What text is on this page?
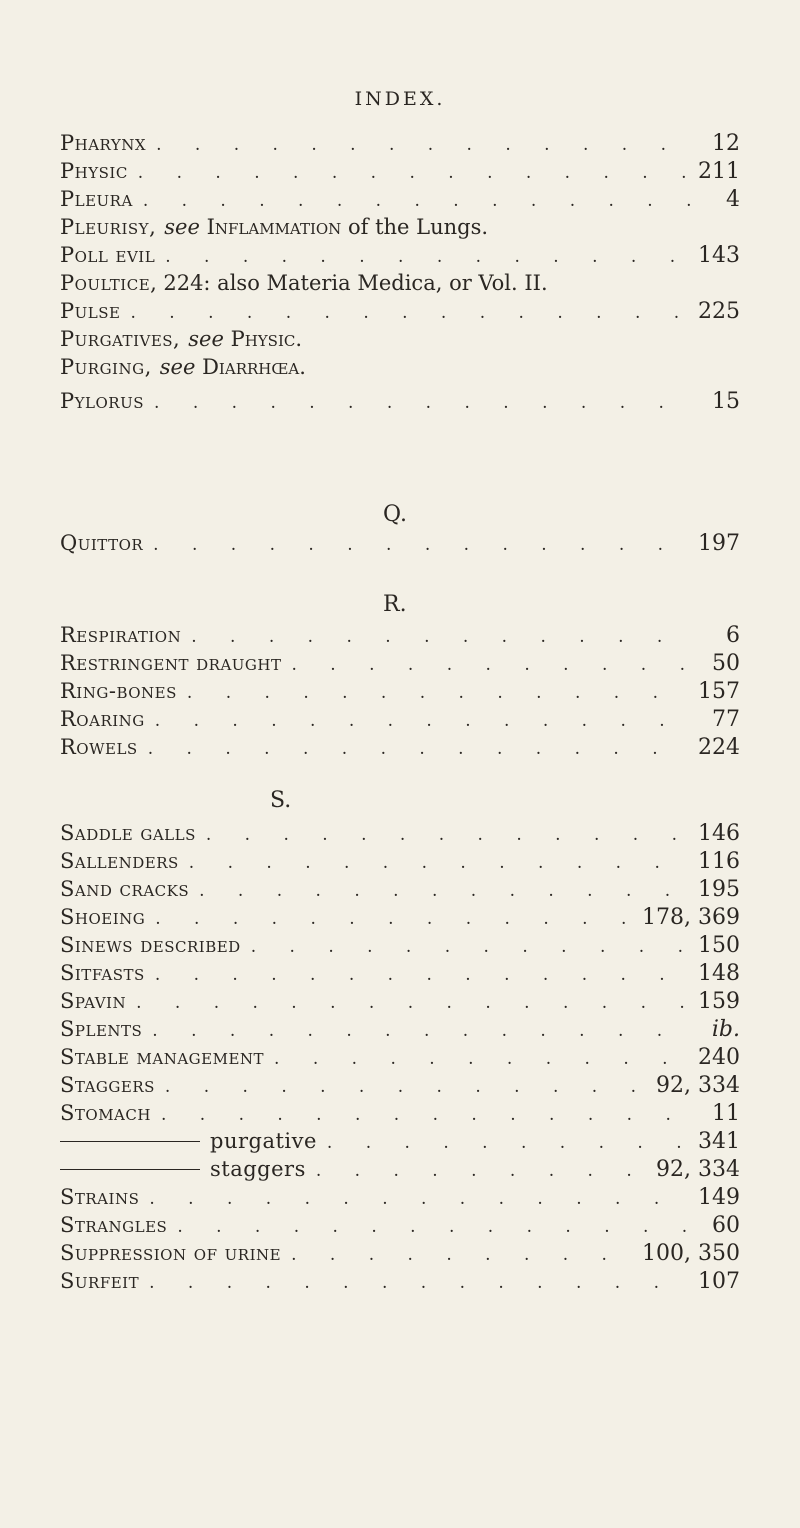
INDEX.
Pharynx . . .	12
Physic . . .	211
Pleura . . .	4
Pleurisy, see Inflammation of the Lungs.
Poll evil . . .	143
Poultice, 224: also Materia Medica, or Vol. II.
Pulse . . .	225
Purgatives, see Physic.
Purging, see Diarrhœa.
Pylorus . . .	15
Q.
Quittor . . .	197
R.
Respiration . . .	6
Restringent draught . . .	50
Ring-bones . . .	157
Roaring . . .	77
Rowels . . .	224
S.
Saddle galls . . .	146
Sallenders . . .	116
Sand cracks . . .	195
Shoeing . . .	178, 369
Sinews described . . .	150
Sitfasts . . .	148
Spavin . . .	159
Splents . . .	ib.
Stable management . . .	240
Staggers . . .	92, 334
Stomach . . .	11
purgative . . .	341
staggers . . .	92, 334
Strains . . .	149
Strangles . . .	60
Suppression of urine . . .	100, 350
Surfeit . . .	107
